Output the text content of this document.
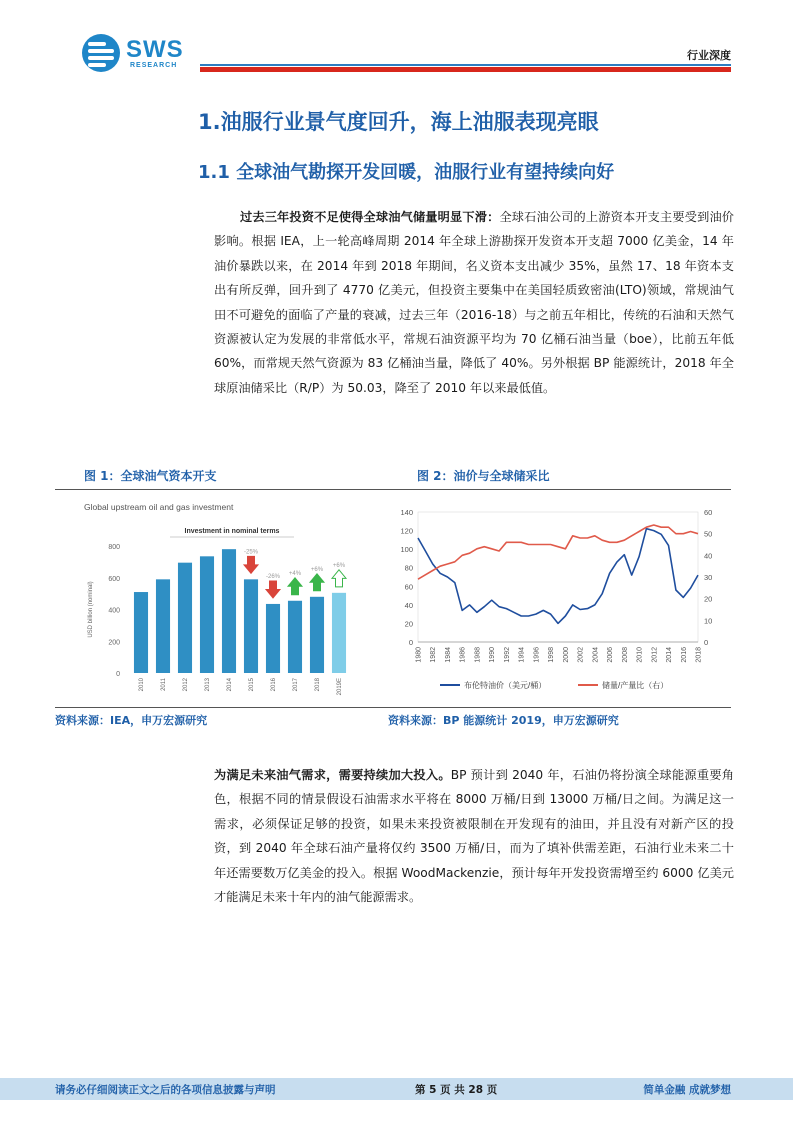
SWS
RESEARCH
行业深度
1.油服行业景气度回升，海上油服表现亮眼
1.1 全球油气勘探开发回暖，油服行业有望持续向好
过去三年投资不足使得全球油气储量明显下滑：全球石油公司的上游资本开支主要受到油价影响。根据 IEA，上一轮高峰周期 2014 年全球上游勘探开发资本开支超 7000 亿美金，14 年油价暴跌以来，在 2014 年到 2018 年期间，名义资本支出减少 35%，虽然 17、18 年资本支出有所反弹，回升到了 4770 亿美元，但投资主要集中在美国轻质致密油(LTO)领域，常规油气田不可避免的面临了产量的衰减，过去三年（2016-18）与之前五年相比，传统的石油和天然气资源被认定为发展的非常低水平，常规石油资源平均为 70 亿桶石油当量（boe），比前五年低 60%，而常规天然气资源为 83 亿桶油当量，降低了 40%。另外根据 BP 能源统计，2018 年全球原油储采比（R/P）为 50.03，降至了 2010 年以来最低值。
图 1：全球油气资本开支	图 2：油价与全球储采比
Global upstream oil and gas investment
Investment in nominal terms
0
200
400
600
800
USD billion (nominal)
2010	2011	2012	2013	2014	2015	2016	2017	2018	2019E
-25%
-26%
+4%
+6%
+6%
0
20
40
60
80
100
120
140
0
10
20
30
40
50
60
1980 1982 1984 1986 1988 1990 1992 1994 1996 1998 2000 2002 2004 2006 2008 2010 2012 2014 2016 2018
布伦特油价（美元/桶）	储量/产量比（右）
资料来源：IEA，申万宏源研究	资料来源：BP 能源统计 2019，申万宏源研究
为满足未来油气需求，需要持续加大投入。BP 预计到 2040 年，石油仍将扮演全球能源重要角色，根据不同的情景假设石油需求水平将在 8000 万桶/日到 13000 万桶/日之间。为满足这一需求，必须保证足够的投资，如果未来投资被限制在开发现有的油田，并且没有对新产区的投资，到 2040 年全球石油产量将仅约 3500 万桶/日，而为了填补供需差距，石油行业未来二十年还需要数万亿美金的投入。根据 WoodMackenzie，预计每年开发投资需增至约 6000 亿美元才能满足未来十年内的油气能源需求。
请务必仔细阅读正文之后的各项信息披露与声明	第 5 页 共 28 页	简单金融 成就梦想
